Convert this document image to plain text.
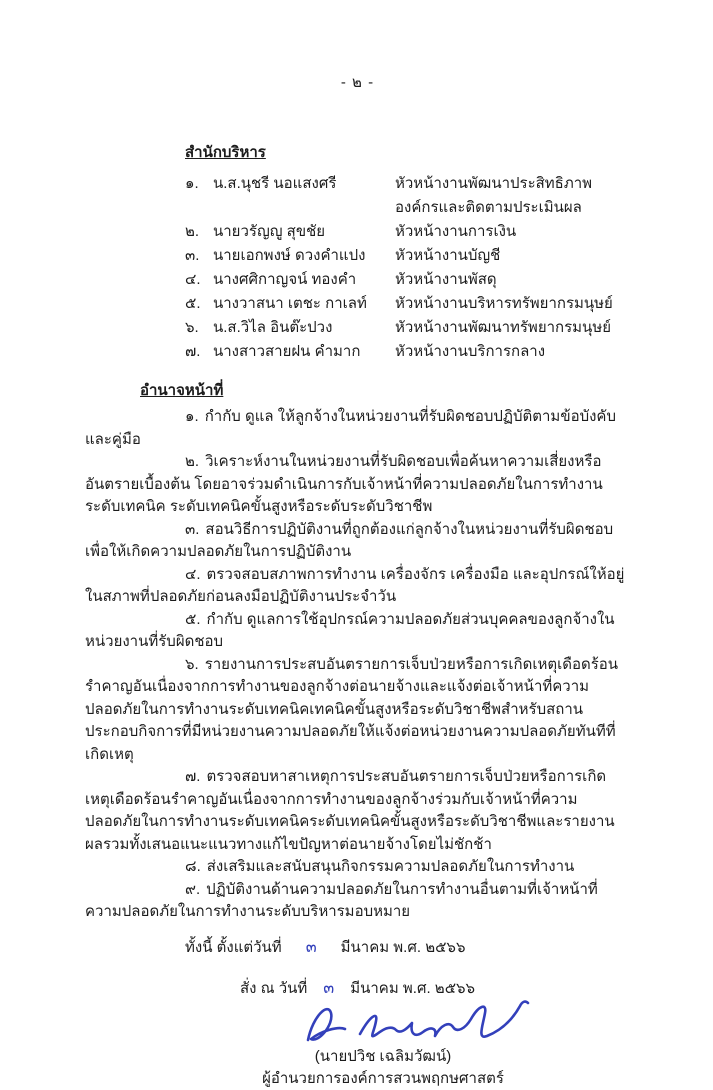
- ๒ -

สำนักบริหาร

๑. น.ส.นุชรี นอแสงศรี	หัวหน้างานพัฒนาประสิทธิภาพองค์กรและติดตามประเมินผล
๒. นายวรัญญู สุขชัย	หัวหน้างานการเงิน
๓. นายเอกพงษ์ ดวงคำแปง	หัวหน้างานบัญชี
๔. นางศศิกาญจน์ ทองคำ	หัวหน้างานพัสดุ
๕. นางวาสนา เตชะ กาเลท์	หัวหน้างานบริหารทรัพยากรมนุษย์
๖. น.ส.วิไล อินต๊ะปวง	หัวหน้างานพัฒนาทรัพยากรมนุษย์
๗. นางสาวสายฝน คำมาก	หัวหน้างานบริการกลาง

อำนาจหน้าที่

๑. กำกับ ดูแล ให้ลูกจ้างในหน่วยงานที่รับผิดชอบปฏิบัติตามข้อบังคับและคู่มือ

๒. วิเคราะห์งานในหน่วยงานที่รับผิดชอบเพื่อค้นหาความเสี่ยงหรืออันตรายเบื้องต้น โดยอาจร่วมดำเนินการกับเจ้าหน้าที่ความปลอดภัยในการทำงานระดับเทคนิค ระดับเทคนิคขั้นสูงหรือระดับระดับวิชาชีพ

๓. สอนวิธีการปฏิบัติงานที่ถูกต้องแก่ลูกจ้างในหน่วยงานที่รับผิดชอบเพื่อให้เกิดความปลอดภัยในการปฏิบัติงาน

๔. ตรวจสอบสภาพการทำงาน เครื่องจักร เครื่องมือ และอุปกรณ์ให้อยู่ในสภาพที่ปลอดภัยก่อนลงมือปฏิบัติงานประจำวัน

๕. กำกับ ดูแลการใช้อุปกรณ์ความปลอดภัยส่วนบุคคลของลูกจ้างในหน่วยงานที่รับผิดชอบ

๖. รายงานการประสบอันตรายการเจ็บป่วยหรือการเกิดเหตุเดือดร้อนรำคาญอันเนื่องจากการทำงานของลูกจ้างต่อนายจ้างและแจ้งต่อเจ้าหน้าที่ความปลอดภัยในการทำงานระดับเทคนิคเทคนิคขั้นสูงหรือระดับวิชาชีพสำหรับสถานประกอบกิจการที่มีหน่วยงานความปลอดภัยให้แจ้งต่อหน่วยงานความปลอดภัยทันทีที่เกิดเหตุ

๗. ตรวจสอบหาสาเหตุการประสบอันตรายการเจ็บป่วยหรือการเกิดเหตุเดือดร้อนรำคาญอันเนื่องจากการทำงานของลูกจ้างร่วมกับเจ้าหน้าที่ความปลอดภัยในการทำงานระดับเทคนิคระดับเทคนิคขั้นสูงหรือระดับวิชาชีพและรายงานผลรวมทั้งเสนอแนะแนวทางแก้ไขปัญหาต่อนายจ้างโดยไม่ชักช้า

๘. ส่งเสริมและสนับสนุนกิจกรรมความปลอดภัยในการทำงาน

๙. ปฏิบัติงานด้านความปลอดภัยในการทำงานอื่นตามที่เจ้าหน้าที่ความปลอดภัยในการทำงานระดับบริหารมอบหมาย

ทั้งนี้ ตั้งแต่วันที่ ๓ มีนาคม พ.ศ. ๒๕๖๖

สั่ง ณ วันที่ ๓ มีนาคม พ.ศ. ๒๕๖๖

(นายปวิช เฉลิมวัฒน์)
ผู้อำนวยการองค์การสวนพฤกษศาสตร์
